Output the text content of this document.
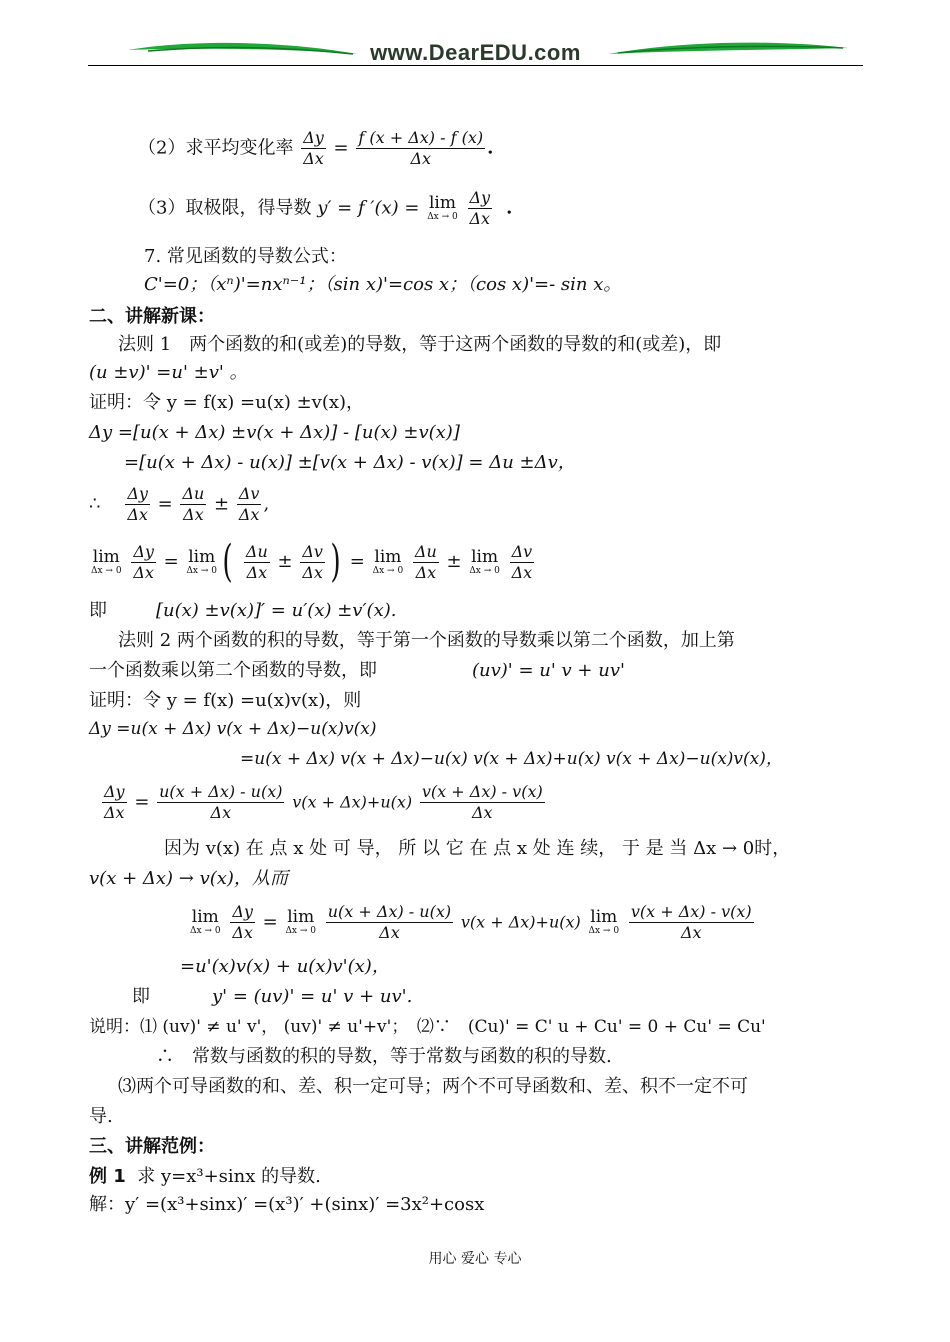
www.DearEDU.com
（2）求平均变化率 $\frac{\Delta y}{\Delta x} = \frac{f (x + \Delta x) - f (x)}{\Delta x}$ .
（3）取极限，得导数 y′ = f ′(x) = lim
Δx → 0
$\frac{\Delta y}{\Delta x}$ .
7. 常见函数的导数公式：
C'=0；（xⁿ)'=nxⁿ⁻¹；（sin x)'=cos x；（cos x)'=- sin x。
二、讲解新课：
法则 1　两个函数的和(或差)的导数，等于这两个函数的导数的和(或差)，即
(u ±v)' =u' ±v' 。
证明：令 y = f(x) =u(x) ±v(x)，
Δy =[u(x + Δx) ±v(x + Δx)] - [u(x) ±v(x)]
=[u(x + Δx) - u(x)] ±[v(x + Δx) - v(x)] = Δu ±Δv，
∴ $\frac{\Delta y}{\Delta x} = \frac{\Delta u}{\Delta x} \pm \frac{\Delta v}{\Delta x}$ ,
lim
Δx → 0
$\frac{\Delta y}{\Delta x} = \lim$
Δx → 0 ( $\frac{\Delta u}{\Delta x} \pm \frac{\Delta v}{\Delta x}$ ) = lim
Δx → 0
$\frac{\Delta u}{\Delta x} \pm \lim$
Δx → 0
$\frac{\Delta v}{\Delta x}$
即	[u(x) ±v(x)]′ = u′(x) ±v′(x).
法则 2 两个函数的积的导数，等于第一个函数的导数乘以第二个函数，加上第
一个函数乘以第二个函数的导数，即	(uv)' = u' v + uv'
证明：令 y = f(x) =u(x)v(x)，则
Δy =u(x + Δx) v(x + Δx)−u(x)v(x)
=u(x + Δx) v(x + Δx)−u(x) v(x + Δx)+u(x) v(x + Δx)−u(x)v(x)，
$\frac{\Delta y}{\Delta x} = \frac{u(x + \Delta x) - u(x)}{\Delta x} v(x + \Delta x)+u(x) \frac{v(x + \Delta x) - v(x)}{\Delta x}$
因为 v(x) 在 点 x 处 可 导， 所 以 它 在 点 x 处 连 续， 于 是 当 Δx → 0时，
v(x + Δx) → v(x)，从而
lim
Δx → 0
$\frac{\Delta y}{\Delta x} = \lim$
Δx → 0
$\frac{u(x + \Delta x) - u(x)}{\Delta x} v(x + \Delta x)+u(x)$ lim
Δx → 0
$\frac{v(x + \Delta x) - v(x)}{\Delta x}$
=u'(x)v(x) + u(x)v'(x)，
即	y' = (uv)' = u' v + uv'.
说明：⑴ (uv)' ≠ u' v'， (uv)' ≠ u'+v'；　⑵∵　(Cu)' = C' u + Cu' = 0 + Cu' = Cu'
∴　常数与函数的积的导数，等于常数与函数的积的导数.
⑶两个可导函数的和、差、积一定可导；两个不可导函数和、差、积不一定不可
导.
三、讲解范例：
例 1 求 y=x³+sinx 的导数.
解：y′ =(x³+sinx)′ =(x³)′ +(sinx)′ =3x²+cosx
用心 爱心 专心
